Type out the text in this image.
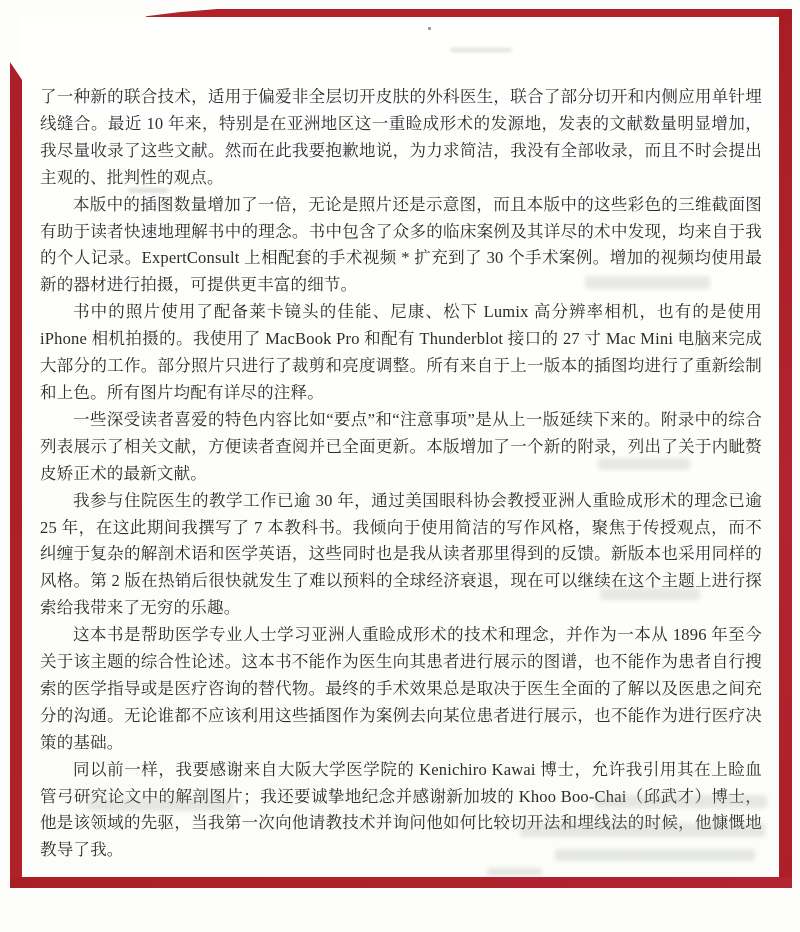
了一种新的联合技术，适用于偏爱非全层切开皮肤的外科医生，联合了部分切开和内侧应用单针埋线缝合。最近 10 年来，特别是在亚洲地区这一重睑成形术的发源地，发表的文献数量明显增加，我尽量收录了这些文献。然而在此我要抱歉地说，为力求简洁，我没有全部收录，而且不时会提出主观的、批判性的观点。

本版中的插图数量增加了一倍，无论是照片还是示意图，而且本版中的这些彩色的三维截面图有助于读者快速地理解书中的理念。书中包含了众多的临床案例及其详尽的术中发现，均来自于我的个人记录。ExpertConsult 上相配套的手术视频 * 扩充到了 30 个手术案例。增加的视频均使用最新的器材进行拍摄，可提供更丰富的细节。

书中的照片使用了配备莱卡镜头的佳能、尼康、松下 Lumix 高分辨率相机，也有的是使用 iPhone 相机拍摄的。我使用了 MacBook Pro 和配有 Thunderblot 接口的 27 寸 Mac Mini 电脑来完成大部分的工作。部分照片只进行了裁剪和亮度调整。所有来自于上一版本的插图均进行了重新绘制和上色。所有图片均配有详尽的注释。

一些深受读者喜爱的特色内容比如“要点”和“注意事项”是从上一版延续下来的。附录中的综合列表展示了相关文献，方便读者查阅并已全面更新。本版增加了一个新的附录，列出了关于内眦赘皮矫正术的最新文献。

我参与住院医生的教学工作已逾 30 年，通过美国眼科协会教授亚洲人重睑成形术的理念已逾 25 年，在这此期间我撰写了 7 本教科书。我倾向于使用简洁的写作风格，聚焦于传授观点，而不纠缠于复杂的解剖术语和医学英语，这些同时也是我从读者那里得到的反馈。新版本也采用同样的风格。第 2 版在热销后很快就发生了难以预料的全球经济衰退，现在可以继续在这个主题上进行探索给我带来了无穷的乐趣。

这本书是帮助医学专业人士学习亚洲人重睑成形术的技术和理念，并作为一本从 1896 年至今关于该主题的综合性论述。这本书不能作为医生向其患者进行展示的图谱，也不能作为患者自行搜索的医学指导或是医疗咨询的替代物。最终的手术效果总是取决于医生全面的了解以及医患之间充分的沟通。无论谁都不应该利用这些插图作为案例去向某位患者进行展示，也不能作为进行医疗决策的基础。

同以前一样，我要感谢来自大阪大学医学院的 Kenichiro Kawai 博士，允许我引用其在上睑血管弓研究论文中的解剖图片；我还要诚挚地纪念并感谢新加坡的 Khoo Boo-Chai（邱武才）博士，他是该领域的先驱，当我第一次向他请教技术并询问他如何比较切开法和埋线法的时候，他慷慨地教导了我。
